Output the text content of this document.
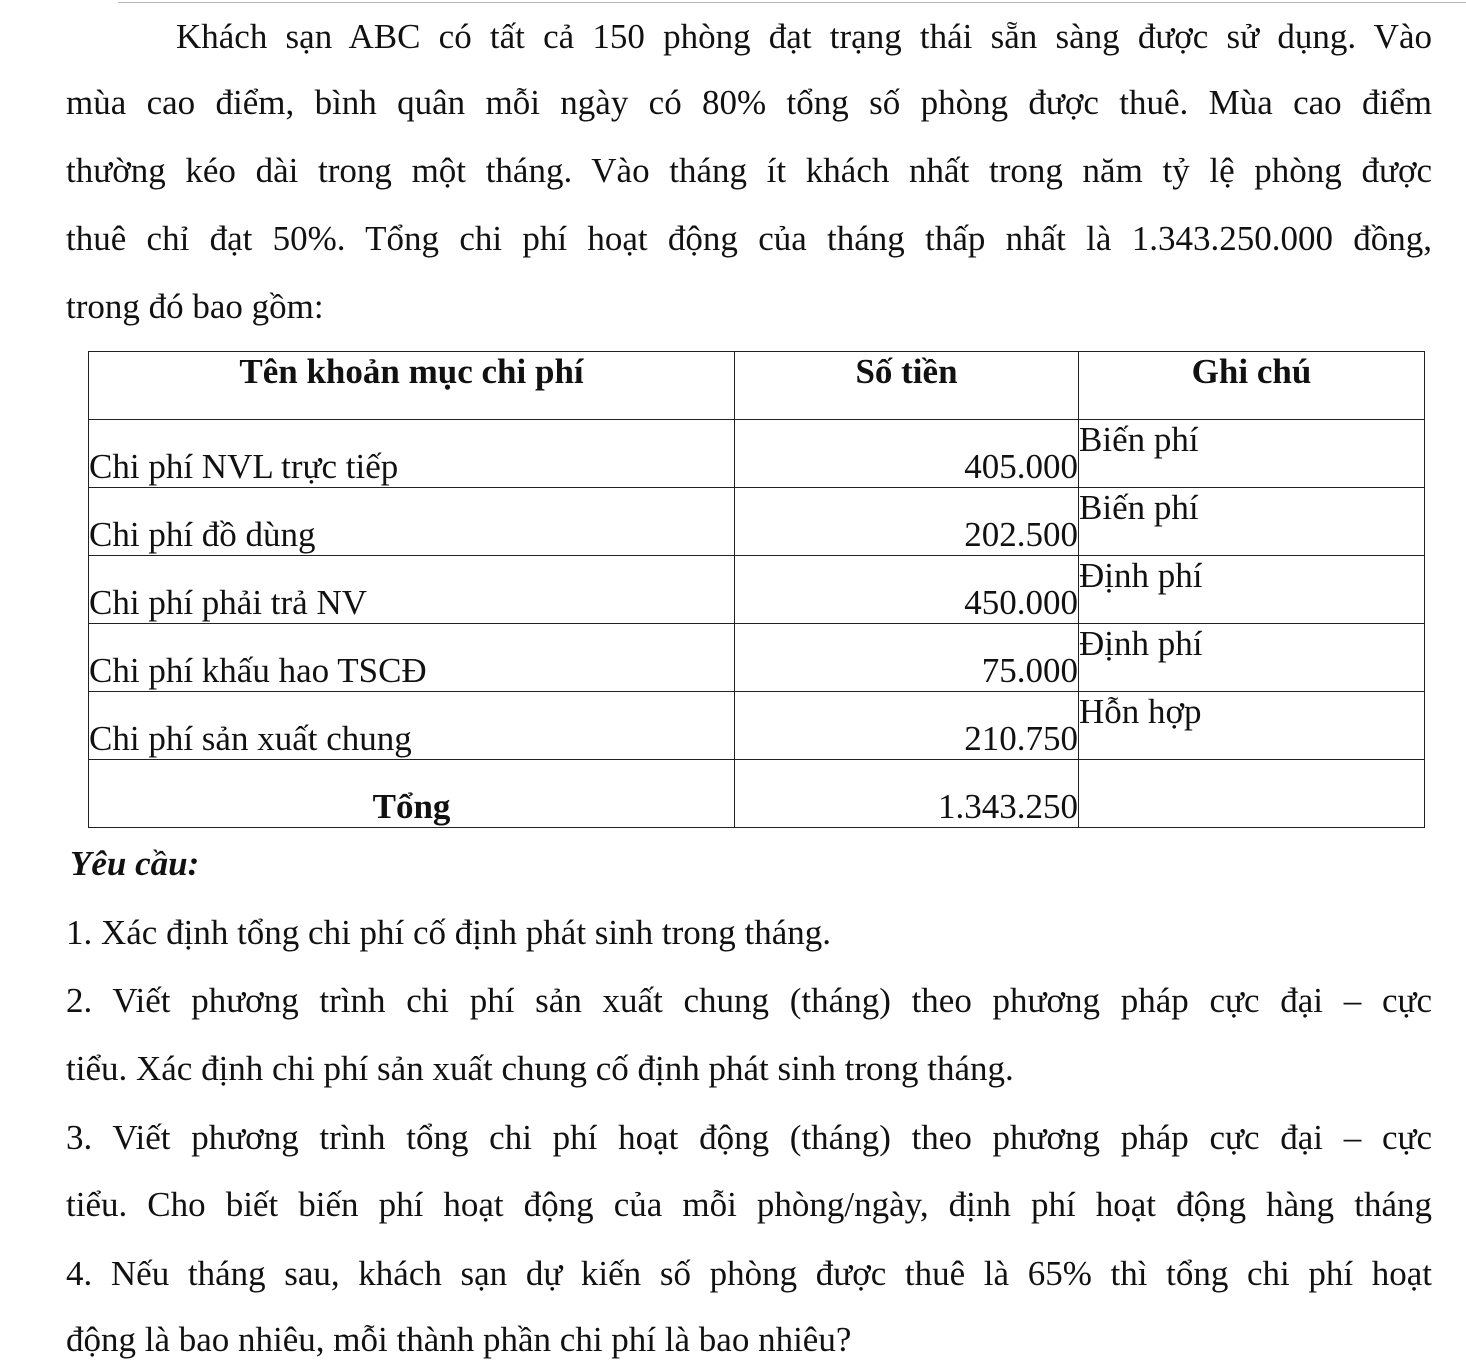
Khách sạn ABC có tất cả 150 phòng đạt trạng thái sẵn sàng được sử dụng. Vào
mùa cao điểm, bình quân mỗi ngày có 80% tổng số phòng được thuê. Mùa cao điểm
thường kéo dài trong một tháng. Vào tháng ít khách nhất trong năm tỷ lệ phòng được
thuê chỉ đạt 50%. Tổng chi phí hoạt động của tháng thấp nhất là 1.343.250.000 đồng,
trong đó bao gồm:
Tên khoản mục chi phí	Số tiền	Ghi chú
Chi phí NVL trực tiếp	405.000	Biến phí
Chi phí đồ dùng	202.500	Biến phí
Chi phí phải trả NV	450.000	Định phí
Chi phí khấu hao TSCĐ	75.000	Định phí
Chi phí sản xuất chung	210.750	Hỗn hợp
Tổng	1.343.250	
Yêu cầu:
1. Xác định tổng chi phí cố định phát sinh trong tháng.
2. Viết phương trình chi phí sản xuất chung (tháng) theo phương pháp cực đại – cực
tiểu. Xác định chi phí sản xuất chung cố định phát sinh trong tháng.
3. Viết phương trình tổng chi phí hoạt động (tháng) theo phương pháp cực đại – cực
tiểu. Cho biết biến phí hoạt động của mỗi phòng/ngày, định phí hoạt động hàng tháng
4. Nếu tháng sau, khách sạn dự kiến số phòng được thuê là 65% thì tổng chi phí hoạt
động là bao nhiêu, mỗi thành phần chi phí là bao nhiêu?
